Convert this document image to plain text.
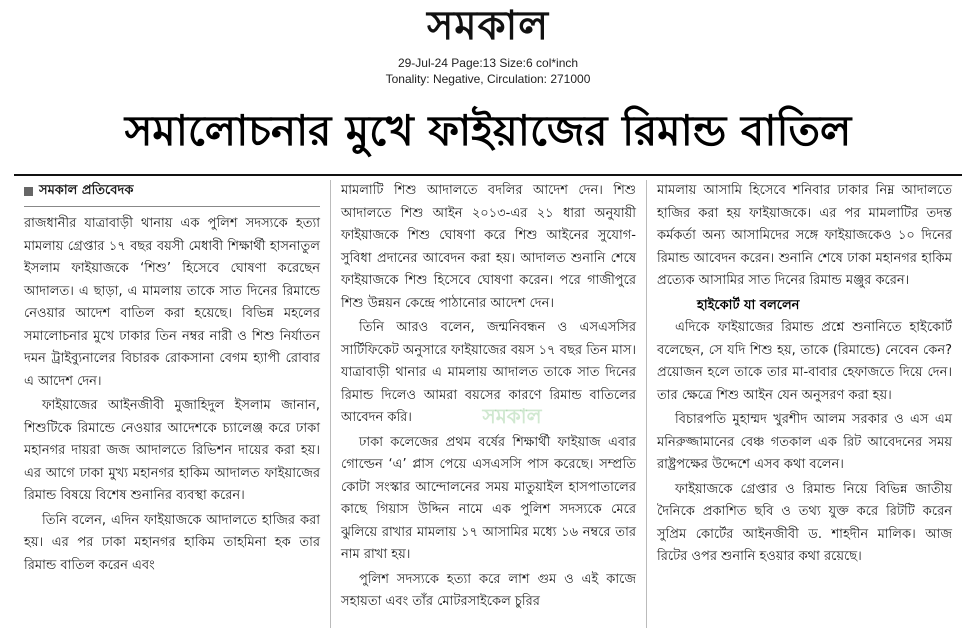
সমকাল
29-Jul-24 Page:13 Size:6 col*inch
Tonality: Negative, Circulation: 271000
সমালোচনার মুখে ফাইয়াজের রিমান্ড বাতিল
সমকাল প্রতিবেদক

রাজধানীর যাত্রাবাড়ী থানায় এক পুলিশ সদস্যকে হত্যা মামলায় গ্রেপ্তার ১৭ বছর বয়সী মেধাবী শিক্ষার্থী হাসনাতুল ইসলাম ফাইয়াজকে ‘শিশু’ হিসেবে ঘোষণা করেছেন আদালত। এ ছাড়া, এ মামলায় তাকে সাত দিনের রিমান্ডে নেওয়ার আদেশ বাতিল করা হয়েছে। বিভিন্ন মহলের সমালোচনার মুখে ঢাকার তিন নম্বর নারী ও শিশু নির্যাতন দমন ট্রাইব্যুনালের বিচারক রোকসানা বেগম হ্যাপী রোবার এ আদেশ দেন।

ফাইয়াজের আইনজীবী মুজাহিদুল ইসলাম জানান, শিশুটিকে রিমান্ডে নেওয়ার আদেশকে চ্যালেঞ্জ করে ঢাকা মহানগর দায়রা জজ আদালতে রিভিশন দায়ের করা হয়। এর আগে ঢাকা মুখ্য মহানগর হাকিম আদালত ফাইয়াজের রিমান্ড বিষয়ে বিশেষ শুনানির ব্যবস্থা করেন।

তিনি বলেন, এদিন ফাইয়াজকে আদালতে হাজির করা হয়। এর পর ঢাকা মহানগর হাকিম তাহমিনা হক তার রিমান্ড বাতিল করেন এবং

মামলাটি শিশু আদালতে বদলির আদেশ দেন। শিশু আদালতে শিশু আইন ২০১৩-এর ২১ ধারা অনুযায়ী ফাইয়াজকে শিশু ঘোষণা করে শিশু আইনের সুযোগ-সুবিধা প্রদানের আবেদন করা হয়। আদালত শুনানি শেষে ফাইয়াজকে শিশু হিসেবে ঘোষণা করেন। পরে গাজীপুরে শিশু উন্নয়ন কেন্দ্রে পাঠানোর আদেশ দেন।

তিনি আরও বলেন, জন্মনিবন্ধন ও এসএসসির সার্টিফিকেট অনুসারে ফাইয়াজের বয়স ১৭ বছর তিন মাস। যাত্রাবাড়ী থানার এ মামলায় আদালত তাকে সাত দিনের রিমান্ড দিলেও আমরা বয়সের কারণে রিমান্ড বাতিলের আবেদন করি।

ঢাকা কলেজের প্রথম বর্ষের শিক্ষার্থী ফাইয়াজ এবার গোল্ডেন ‘এ’ প্লাস পেয়ে এসএসসি পাস করেছে। সম্প্রতি কোটা সংস্কার আন্দোলনের সময় মাতুয়াইল হাসপাতালের কাছে গিয়াস উদ্দিন নামে এক পুলিশ সদস্যকে মেরে ঝুলিয়ে রাখার মামলায় ১৭ আসামির মধ্যে ১৬ নম্বরে তার নাম রাখা হয়।

পুলিশ সদস্যকে হত্যা করে লাশ গুম ও এই কাজে সহায়তা এবং তাঁর মোটরসাইকেল চুরির

মামলায় আসামি হিসেবে শনিবার ঢাকার নিম্ন আদালতে হাজির করা হয় ফাইয়াজকে। এর পর মামলাটির তদন্ত কর্মকর্তা অন্য আসামিদের সঙ্গে ফাইয়াজকেও ১০ দিনের রিমান্ড আবেদন করেন। শুনানি শেষে ঢাকা মহানগর হাকিম প্রত্যেক আসামির সাত দিনের রিমান্ড মঞ্জুর করেন।

হাইকোর্ট যা বললেন

এদিকে ফাইয়াজের রিমান্ড প্রশ্নে শুনানিতে হাইকোর্ট বলেছেন, সে যদি শিশু হয়, তাকে (রিমান্ডে) নেবেন কেন? প্রয়োজন হলে তাকে তার মা-বাবার হেফাজতে দিয়ে দেন। তার ক্ষেত্রে শিশু আইন যেন অনুসরণ করা হয়।

বিচারপতি মুহাম্মদ খুরশীদ আলম সরকার ও এস এম মনিরুজ্জামানের বেঞ্চ গতকাল এক রিট আবেদনের সময় রাষ্ট্রপক্ষের উদ্দেশে এসব কথা বলেন।

ফাইয়াজকে গ্রেপ্তার ও রিমান্ড নিয়ে বিভিন্ন জাতীয় দৈনিকে প্রকাশিত ছবি ও তথ্য যুক্ত করে রিটটি করেন সুপ্রিম কোর্টের আইনজীবী ড. শাহদীন মালিক। আজ রিটের ওপর শুনানি হওয়ার কথা রয়েছে।

সমকাল
